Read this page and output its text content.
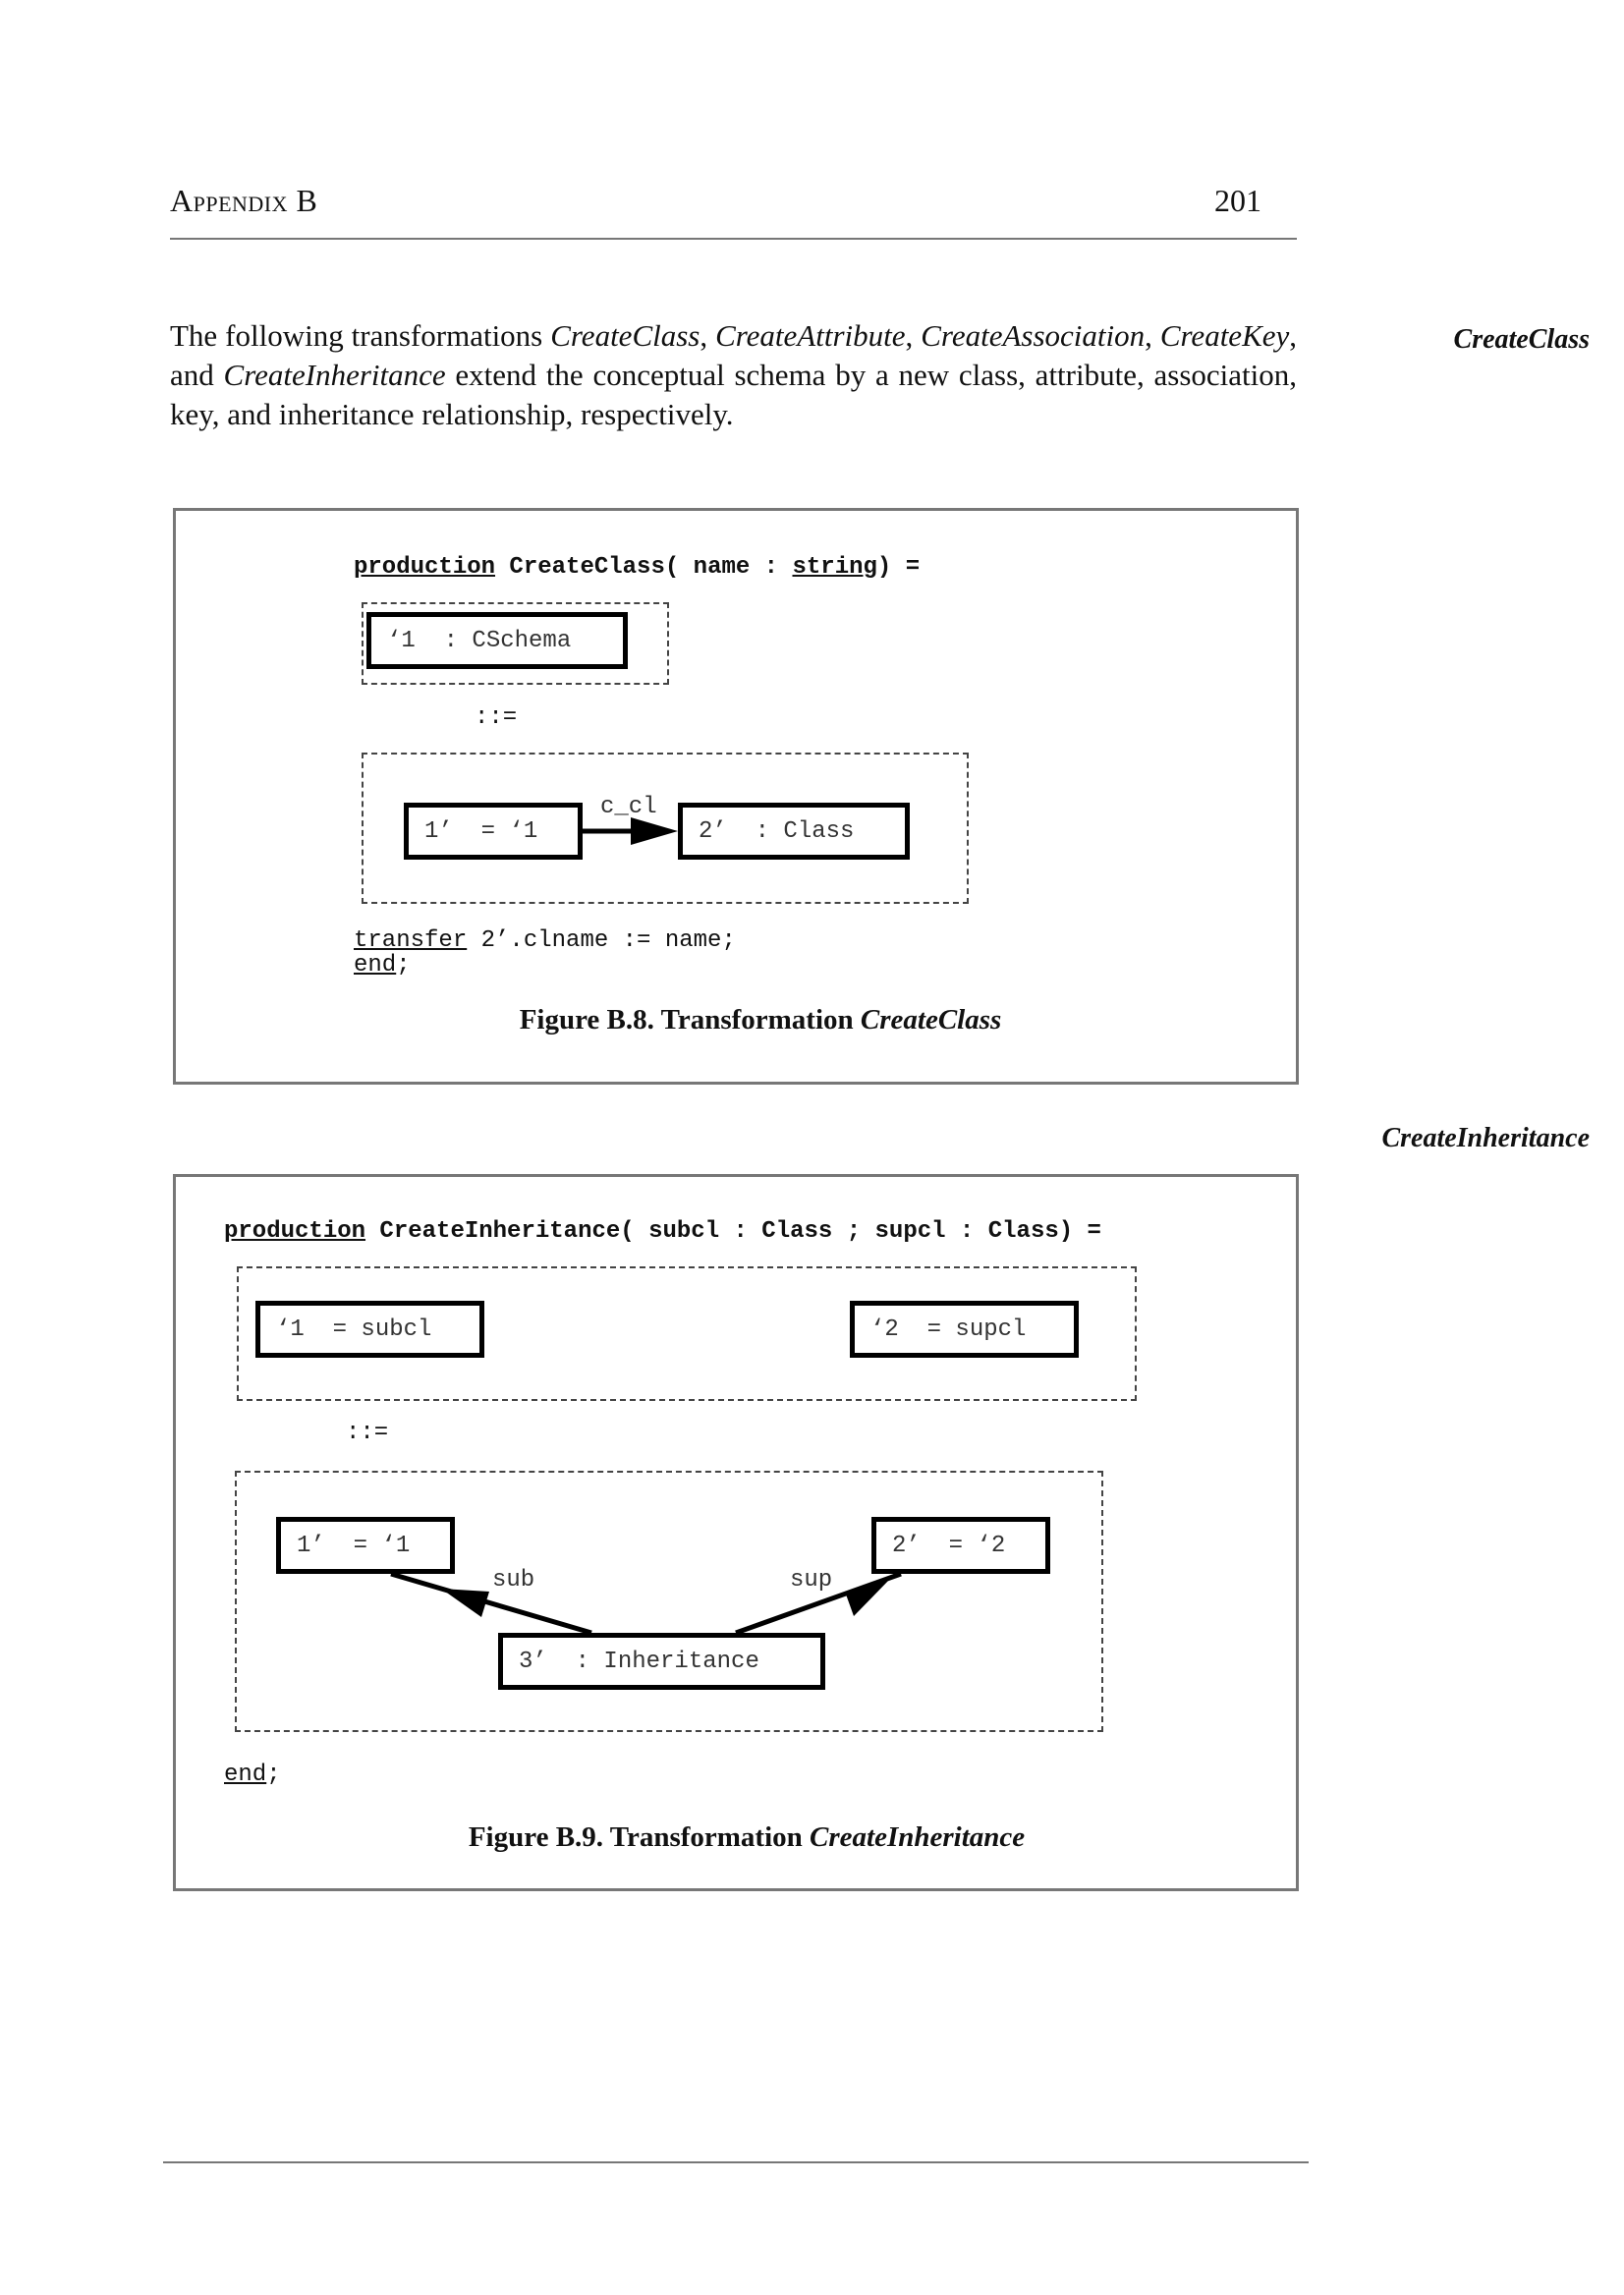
Appendix B	201

The following transformations CreateClass, CreateAttribute, CreateAssociation, CreateKey, and CreateInheritance extend the conceptual schema by a new class, attribute, association, key, and inheritance relationship, respectively.

CreateClass
CreateInheritance
production CreateClass( name : string) =
‘1  : CSchema
::=
1’  = ‘1	2’  : Class
c_cl
transfer 2’.clname := name;
end;
Figure B.8. Transformation CreateClass
production CreateInheritance( subcl : Class ; supcl : Class) =
‘1  = subcl	‘2  = supcl
::=
1’  = ‘1	2’  = ‘2
3’  : Inheritance
sub	sup
end;
Figure B.9. Transformation CreateInheritance
